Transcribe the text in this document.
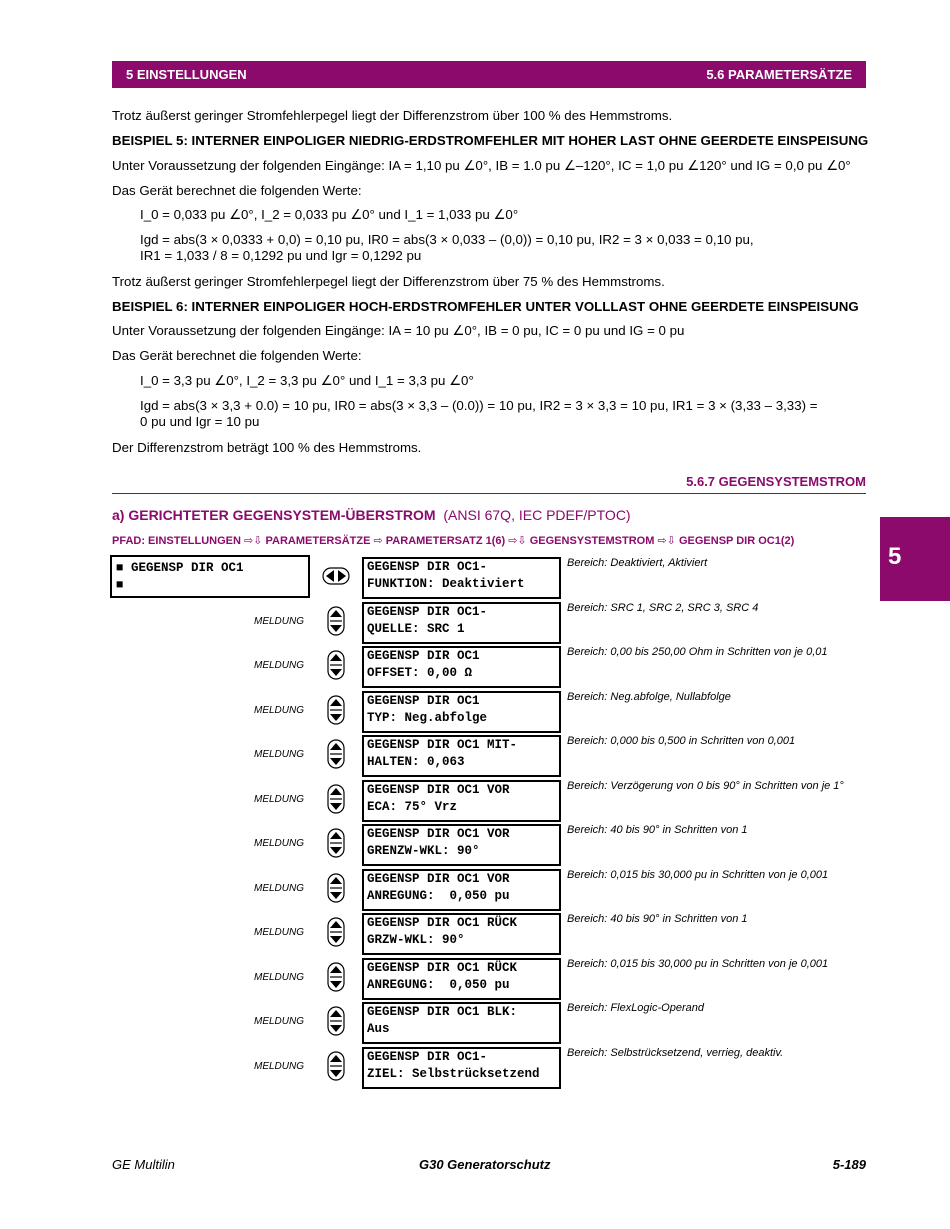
5 EINSTELLUNGEN	5.6 PARAMETERSÄTZE
Trotz äußerst geringer Stromfehlerpegel liegt der Differenzstrom über 100 % des Hemmstroms.
BEISPIEL 5: INTERNER EINPOLIGER NIEDRIG-ERDSTROMFEHLER MIT HOHER LAST OHNE GEERDETE EINSPEISUNG
Unter Voraussetzung der folgenden Eingänge: IA = 1,10 pu ∠0°, IB = 1.0 pu ∠–120°, IC = 1,0 pu ∠120° und IG = 0,0 pu ∠0°
Das Gerät berechnet die folgenden Werte:
I_0 = 0,033 pu ∠0°, I_2 = 0,033 pu ∠0° und I_1 = 1,033 pu ∠0°
Igd = abs(3 × 0,0333 + 0,0) = 0,10 pu, IR0 = abs(3 × 0,033 – (0,0)) = 0,10 pu, IR2 = 3 × 0,033 = 0,10 pu,
IR1 = 1,033 / 8 = 0,1292 pu und Igr = 0,1292 pu
Trotz äußerst geringer Stromfehlerpegel liegt der Differenzstrom über 75 % des Hemmstroms.
BEISPIEL 6: INTERNER EINPOLIGER HOCH-ERDSTROMFEHLER UNTER VOLLLAST OHNE GEERDETE EINSPEISUNG
Unter Voraussetzung der folgenden Eingänge: IA = 10 pu ∠0°, IB = 0 pu, IC = 0 pu und IG = 0 pu
Das Gerät berechnet die folgenden Werte:
I_0 = 3,3 pu ∠0°, I_2 = 3,3 pu ∠0° und I_1 = 3,3 pu ∠0°
Igd = abs(3 × 3,3 + 0.0) = 10 pu, IR0 = abs(3 × 3,3 – (0.0)) = 10 pu, IR2 = 3 × 3,3 = 10 pu, IR1 = 3 × (3,33 – 3,33) =
0 pu und Igr = 10 pu
Der Differenzstrom beträgt 100 % des Hemmstroms.
5.6.7 GEGENSYSTEMSTROM
a) GERICHTETER GEGENSYSTEM-ÜBERSTROM (ANSI 67Q, IEC PDEF/PTOC)
PFAD: EINSTELLUNGEN ⇨⇩ PARAMETERSÄTZE ⇨ PARAMETERSATZ 1(6) ⇨⇩ GEGENSYSTEMSTROM ⇨⇩ GEGENSP DIR OC1(2)
5
■ GEGENSP DIR OC1
■
GEGENSP DIR OC1-
FUNKTION: Deaktiviert
Bereich: Deaktiviert, Aktiviert
GEGENSP DIR OC1-
QUELLE: SRC 1
Bereich: SRC 1, SRC 2, SRC 3, SRC 4
MELDUNG
GEGENSP DIR OC1
OFFSET: 0,00 Ω
Bereich: 0,00 bis 250,00 Ohm in Schritten von je 0,01
MELDUNG
GEGENSP DIR OC1
TYP: Neg.abfolge
Bereich: Neg.abfolge, Nullabfolge
MELDUNG
GEGENSP DIR OC1 MIT-
HALTEN: 0,063
Bereich: 0,000 bis 0,500 in Schritten von 0,001
MELDUNG
GEGENSP DIR OC1 VOR
ECA: 75° Vrz
Bereich: Verzögerung von 0 bis 90° in Schritten von je 1°
MELDUNG
GEGENSP DIR OC1 VOR
GRENZW-WKL: 90°
Bereich: 40 bis 90° in Schritten von 1
MELDUNG
GEGENSP DIR OC1 VOR
ANREGUNG:  0,050 pu
Bereich: 0,015 bis 30,000 pu in Schritten von je 0,001
MELDUNG
GEGENSP DIR OC1 RÜCK
GRZW-WKL: 90°
Bereich: 40 bis 90° in Schritten von 1
MELDUNG
GEGENSP DIR OC1 RÜCK
ANREGUNG:  0,050 pu
Bereich: 0,015 bis 30,000 pu in Schritten von je 0,001
MELDUNG
GEGENSP DIR OC1 BLK:
Aus
Bereich: FlexLogic-Operand
MELDUNG
GEGENSP DIR OC1-
ZIEL: Selbstrücksetzend
Bereich: Selbstrücksetzend, verrieg, deaktiv.
MELDUNG
GE Multilin	G30 Generatorschutz	5-189
